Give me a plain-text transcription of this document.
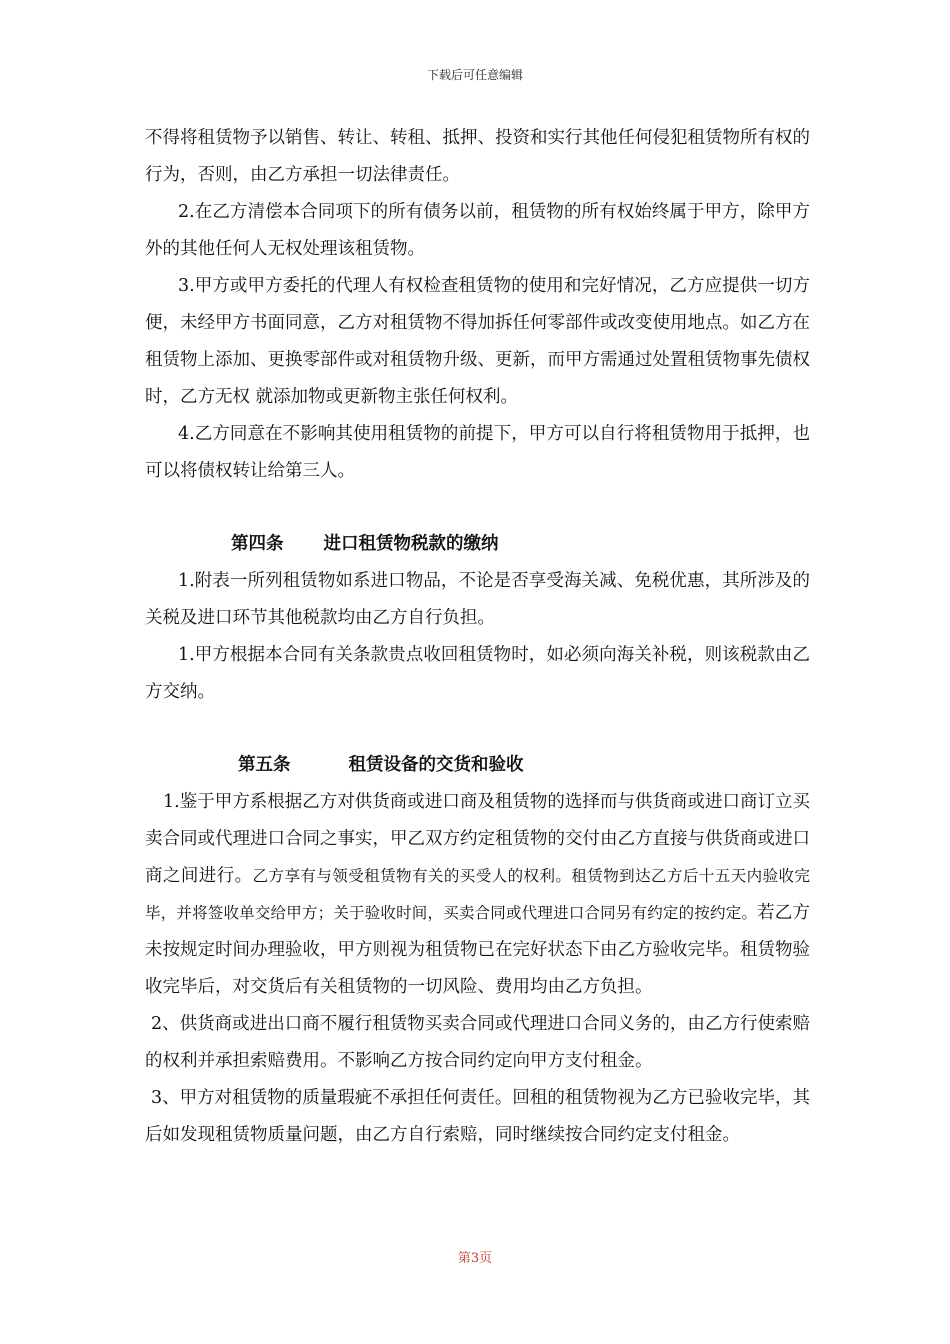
下载后可任意编辑

不得将租赁物予以销售、转让、转租、抵押、投资和实行其他任何侵犯租赁物所有权的行为，否则，由乙方承担一切法律责任。

2.在乙方清偿本合同项下的所有债务以前，租赁物的所有权始终属于甲方，除甲方外的其他任何人无权处理该租赁物。

3.甲方或甲方委托的代理人有权检查租赁物的使用和完好情况，乙方应提供一切方便，未经甲方书面同意，乙方对租赁物不得加拆任何零部件或改变使用地点。如乙方在租赁物上添加、更换零部件或对租赁物升级、更新，而甲方需通过处置租赁物事先债权时，乙方无权 就添加物或更新物主张任何权利。

4.乙方同意在不影响其使用租赁物的前提下，甲方可以自行将租赁物用于抵押，也可以将债权转让给第三人。

第四条 进口租赁物税款的缴纳

1.附表一所列租赁物如系进口物品，不论是否享受海关减、免税优惠，其所涉及的关税及进口环节其他税款均由乙方自行负担。

1.甲方根据本合同有关条款贵点收回租赁物时，如必须向海关补税，则该税款由乙方交纳。

第五条	租赁设备的交货和验收

1.鉴于甲方系根据乙方对供货商或进口商及租赁物的选择而与供货商或进口商订立买卖合同或代理进口合同之事实，甲乙双方约定租赁物的交付由乙方直接与供货商或进口商之间进行。乙方享有与领受租赁物有关的买受人的权利。租赁物到达乙方后十五天内验收完毕，并将签收单交给甲方；关于验收时间，买卖合同或代理进口合同另有约定的按约定。若乙方未按规定时间办理验收，甲方则视为租赁物已在完好状态下由乙方验收完毕。租赁物验收完毕后，对交货后有关租赁物的一切风险、费用均由乙方负担。

2、供货商或进出口商不履行租赁物买卖合同或代理进口合同义务的，由乙方行使索赔的权利并承担索赔费用。不影响乙方按合同约定向甲方支付租金。

3、甲方对租赁物的质量瑕疵不承担任何责任。回租的租赁物视为乙方已验收完毕，其后如发现租赁物质量问题，由乙方自行索赔，同时继续按合同约定支付租金。

第3页
